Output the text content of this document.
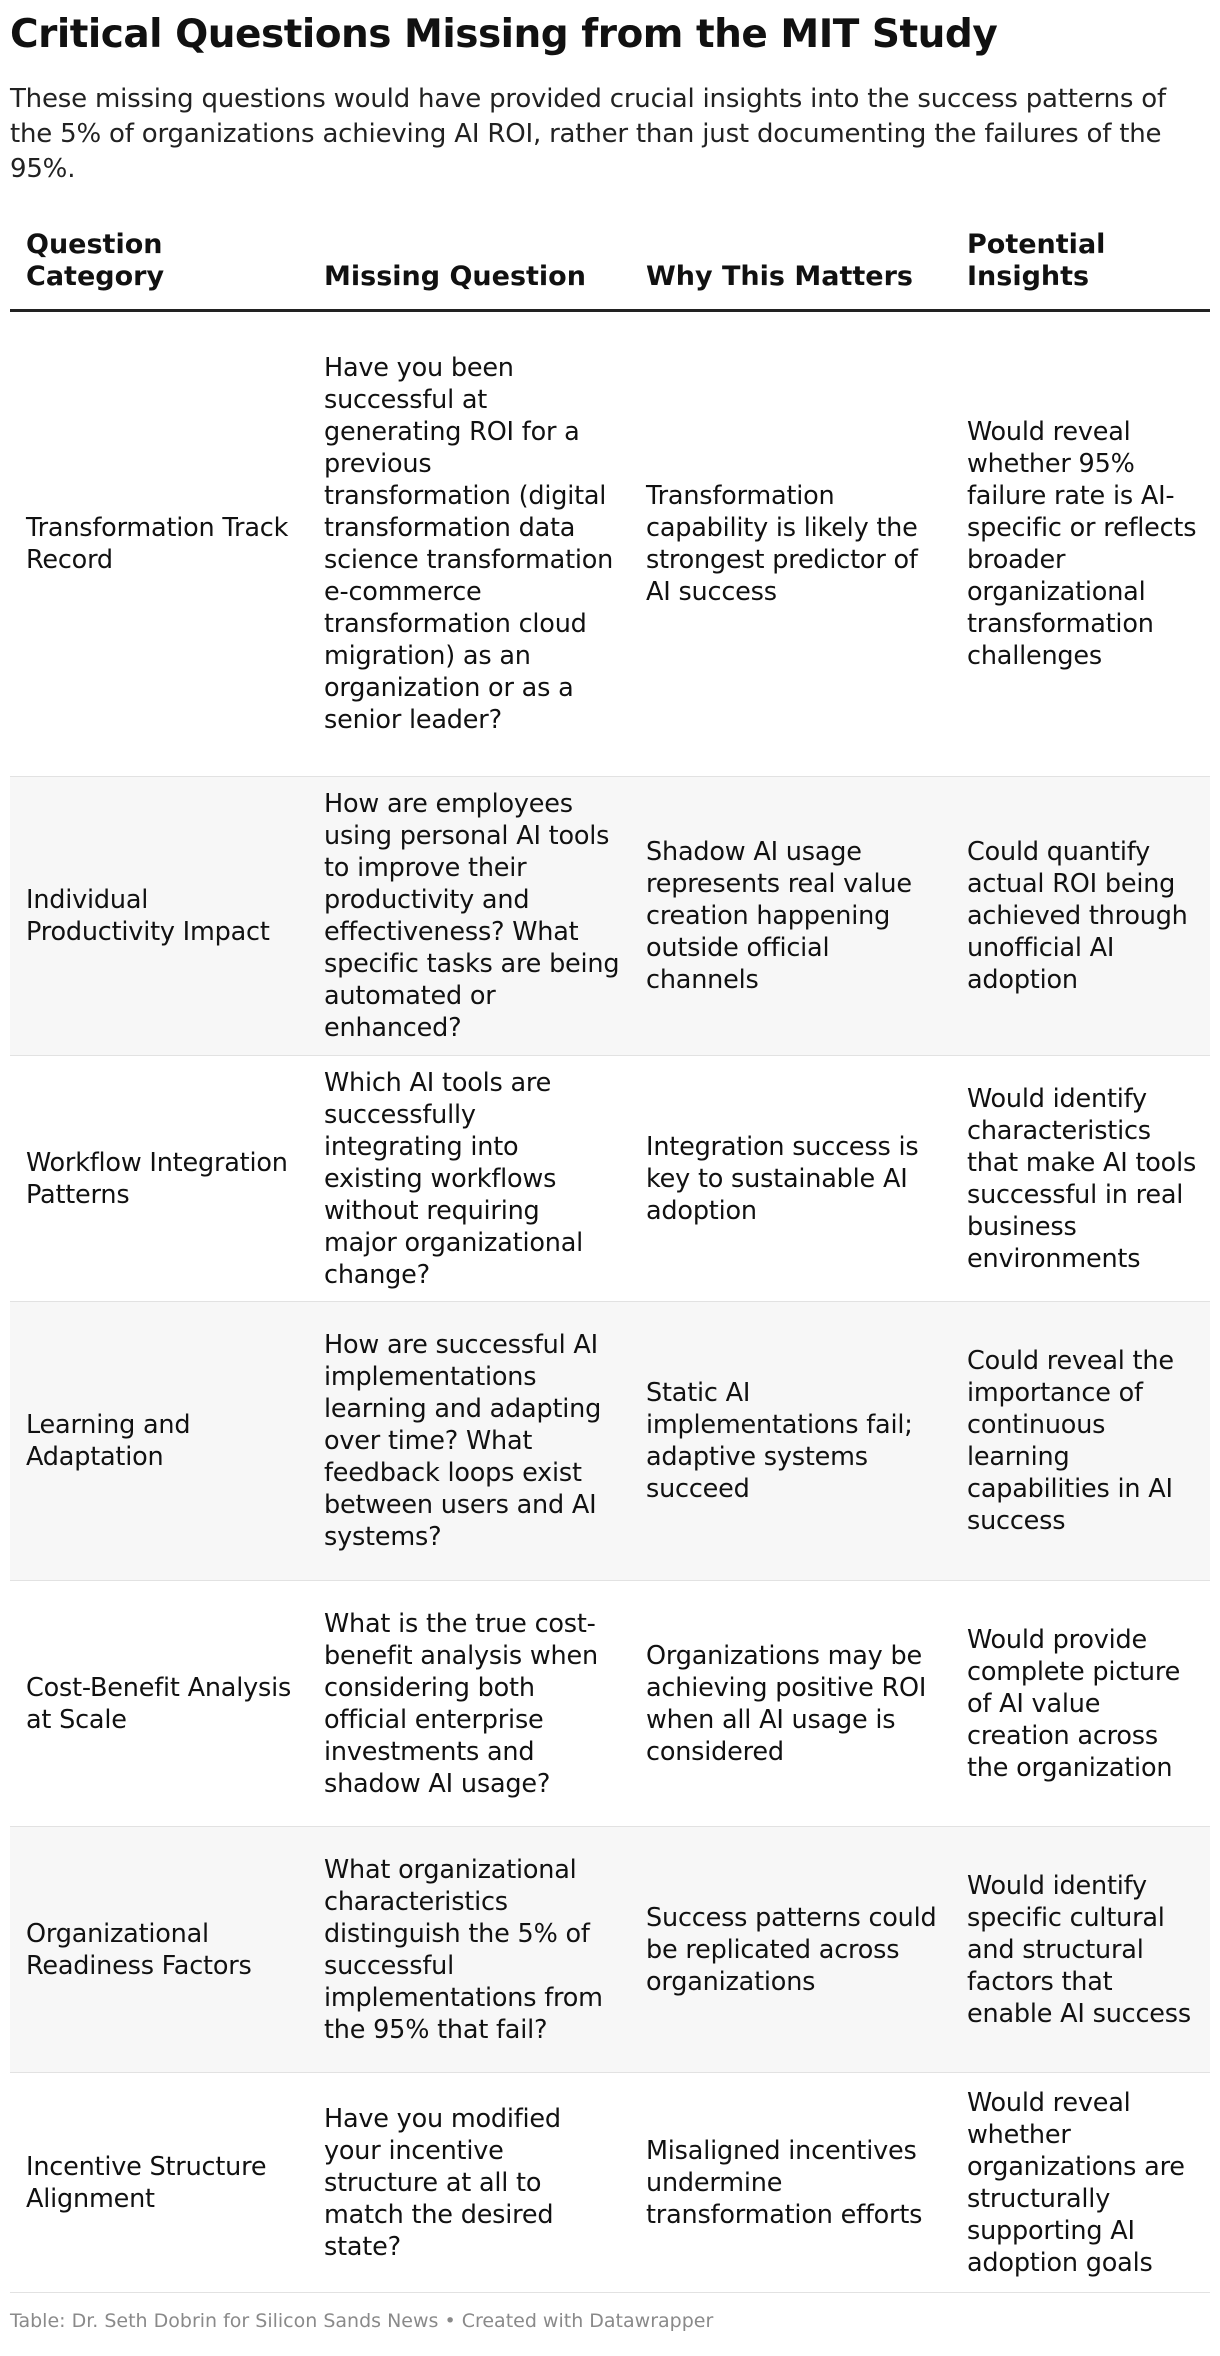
Critical Questions Missing from the MIT Study

These missing questions would have provided crucial insights into the success patterns of the 5% of organizations achieving AI ROI, rather than just documenting the failures of the 95%.

Question Category	Missing Question	Why This Matters	Potential Insights
Transformation Track Record	Have you been successful at generating ROI for a previous transformation (digital transformation data science transformation e-commerce transformation cloud migration) as an organization or as a senior leader?	Transformation capability is likely the strongest predictor of AI success	Would reveal whether 95% failure rate is AI-specific or reflects broader organizational transformation challenges
Individual Productivity Impact	How are employees using personal AI tools to improve their productivity and effectiveness? What specific tasks are being automated or enhanced?	Shadow AI usage represents real value creation happening outside official channels	Could quantify actual ROI being achieved through unofficial AI adoption
Workflow Integration Patterns	Which AI tools are successfully integrating into existing workflows without requiring major organizational change?	Integration success is key to sustainable AI adoption	Would identify characteristics that make AI tools successful in real business environments
Learning and Adaptation	How are successful AI implementations learning and adapting over time? What feedback loops exist between users and AI systems?	Static AI implementations fail; adaptive systems succeed	Could reveal the importance of continuous learning capabilities in AI success
Cost-Benefit Analysis at Scale	What is the true cost-benefit analysis when considering both official enterprise investments and shadow AI usage?	Organizations may be achieving positive ROI when all AI usage is considered	Would provide complete picture of AI value creation across the organization
Organizational Readiness Factors	What organizational characteristics distinguish the 5% of successful implementations from the 95% that fail?	Success patterns could be replicated across organizations	Would identify specific cultural and structural factors that enable AI success
Incentive Structure Alignment	Have you modified your incentive structure at all to match the desired state?	Misaligned incentives undermine transformation efforts	Would reveal whether organizations are structurally supporting AI adoption goals
Table: Dr. Seth Dobrin for Silicon Sands News • Created with Datawrapper
